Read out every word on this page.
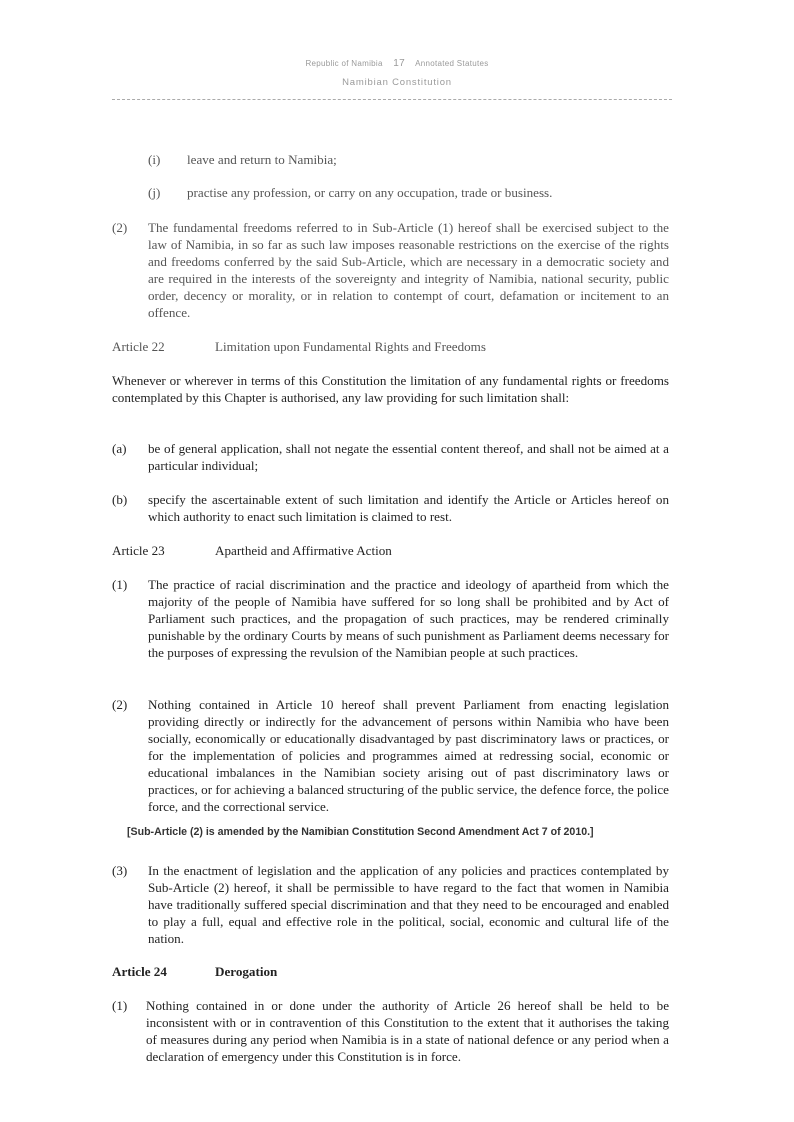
Republic of Namibia 17 Annotated Statutes
Namibian Constitution
(i) leave and return to Namibia;
(j) practise any profession, or carry on any occupation, trade or business.
(2) The fundamental freedoms referred to in Sub-Article (1) hereof shall be exercised subject to the law of Namibia, in so far as such law imposes reasonable restrictions on the exercise of the rights and freedoms conferred by the said Sub-Article, which are necessary in a democratic society and are required in the interests of the sovereignty and integrity of Namibia, national security, public order, decency or morality, or in relation to contempt of court, defamation or incitement to an offence.
Article 22	Limitation upon Fundamental Rights and Freedoms
Whenever or wherever in terms of this Constitution the limitation of any fundamental rights or freedoms contemplated by this Chapter is authorised, any law providing for such limitation shall:
(a) be of general application, shall not negate the essential content thereof, and shall not be aimed at a particular individual;
(b) specify the ascertainable extent of such limitation and identify the Article or Articles hereof on which authority to enact such limitation is claimed to rest.
Article 23	Apartheid and Affirmative Action
(1) The practice of racial discrimination and the practice and ideology of apartheid from which the majority of the people of Namibia have suffered for so long shall be prohibited and by Act of Parliament such practices, and the propagation of such practices, may be rendered criminally punishable by the ordinary Courts by means of such punishment as Parliament deems necessary for the purposes of expressing the revulsion of the Namibian people at such practices.
(2) Nothing contained in Article 10 hereof shall prevent Parliament from enacting legislation providing directly or indirectly for the advancement of persons within Namibia who have been socially, economically or educationally disadvantaged by past discriminatory laws or practices, or for the implementation of policies and programmes aimed at redressing social, economic or educational imbalances in the Namibian society arising out of past discriminatory laws or practices, or for achieving a balanced structuring of the public service, the defence force, the police force, and the correctional service.
[Sub-Article (2) is amended by the Namibian Constitution Second Amendment Act 7 of 2010.]
(3) In the enactment of legislation and the application of any policies and practices contemplated by Sub-Article (2) hereof, it shall be permissible to have regard to the fact that women in Namibia have traditionally suffered special discrimination and that they need to be encouraged and enabled to play a full, equal and effective role in the political, social, economic and cultural life of the nation.
Article 24	Derogation
(1) Nothing contained in or done under the authority of Article 26 hereof shall be held to be inconsistent with or in contravention of this Constitution to the extent that it authorises the taking of measures during any period when Namibia is in a state of national defence or any period when a declaration of emergency under this Constitution is in force.
